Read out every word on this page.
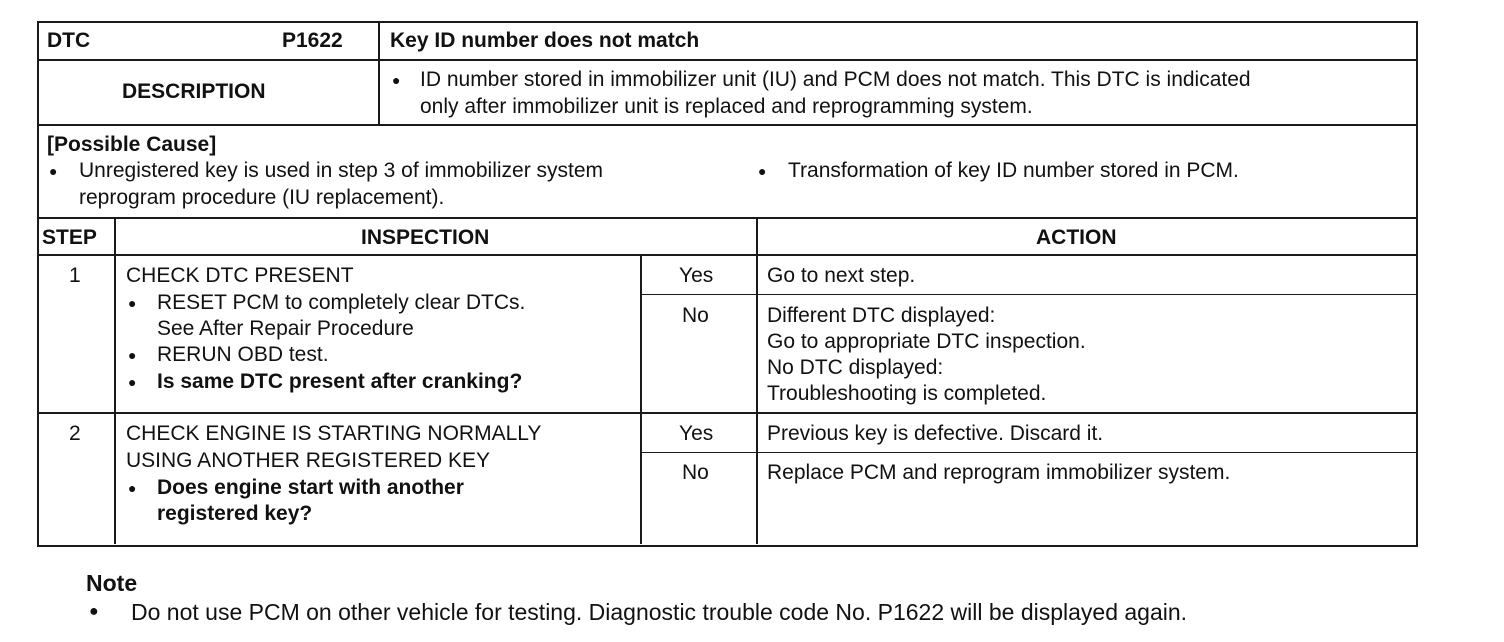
DTC	P1622 Key ID number does not match
DESCRIPTION	● ID number stored in immobilizer unit (IU) and PCM does not match. This DTC is indicated
only after immobilizer unit is replaced and reprogramming system.
[Possible Cause]
● Unregistered key is used in step 3 of immobilizer system
reprogram procedure (IU replacement).
● Transformation of key ID number stored in PCM.
STEP	INSPECTION	ACTION
1 CHECK DTC PRESENT
● RESET PCM to completely clear DTCs.
See After Repair Procedure
● RERUN OBD test.
● Is same DTC present after cranking?
Yes	Go to next step.
No	Different DTC displayed:
Go to appropriate DTC inspection.
No DTC displayed:
Troubleshooting is completed.
2 CHECK ENGINE IS STARTING NORMALLY
USING ANOTHER REGISTERED KEY
● Does engine start with another
registered key?
Yes	Previous key is defective. Discard it.
No	Replace PCM and reprogram immobilizer system.
Note
● Do not use PCM on other vehicle for testing. Diagnostic trouble code No. P1622 will be displayed again.
